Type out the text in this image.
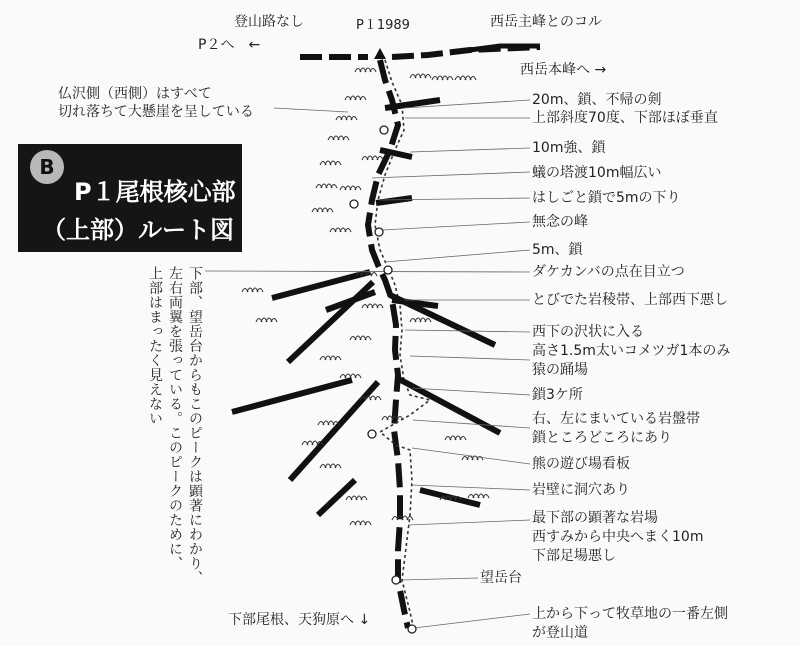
B
P１尾根核心部
（上部）ルート図
登山路なし
P２へ　←
P１1989	西岳主峰とのコル
西岳本峰へ →
仏沢側（西側）はすべて
切れ落ちて大懸崖を呈している
下部、望岳台からもこのピークは顕著にわかり、
左右両翼を張っている。このピークのために、
上部はまったく見えない
20m、鎖、不帰の剣
上部斜度70度、下部ほぼ垂直
10m強、鎖
蟻の塔渡10m幅広い
はしごと鎖で5mの下り
無念の峰
5m、鎖
ダケカンバの点在目立つ
とびでた岩稜帯、上部西下悪し
西下の沢状に入る
高さ1.5m太いコメツガ1本のみ
猿の踊場
鎖3ケ所
右、左にまいている岩盤帯
鎖ところどころにあり
熊の遊び場看板
岩壁に洞穴あり
最下部の顕著な岩場
西すみから中央へまく10m
下部足場悪し
望岳台
上から下って牧草地の一番左側
が登山道
下部尾根、天狗原へ ↓
